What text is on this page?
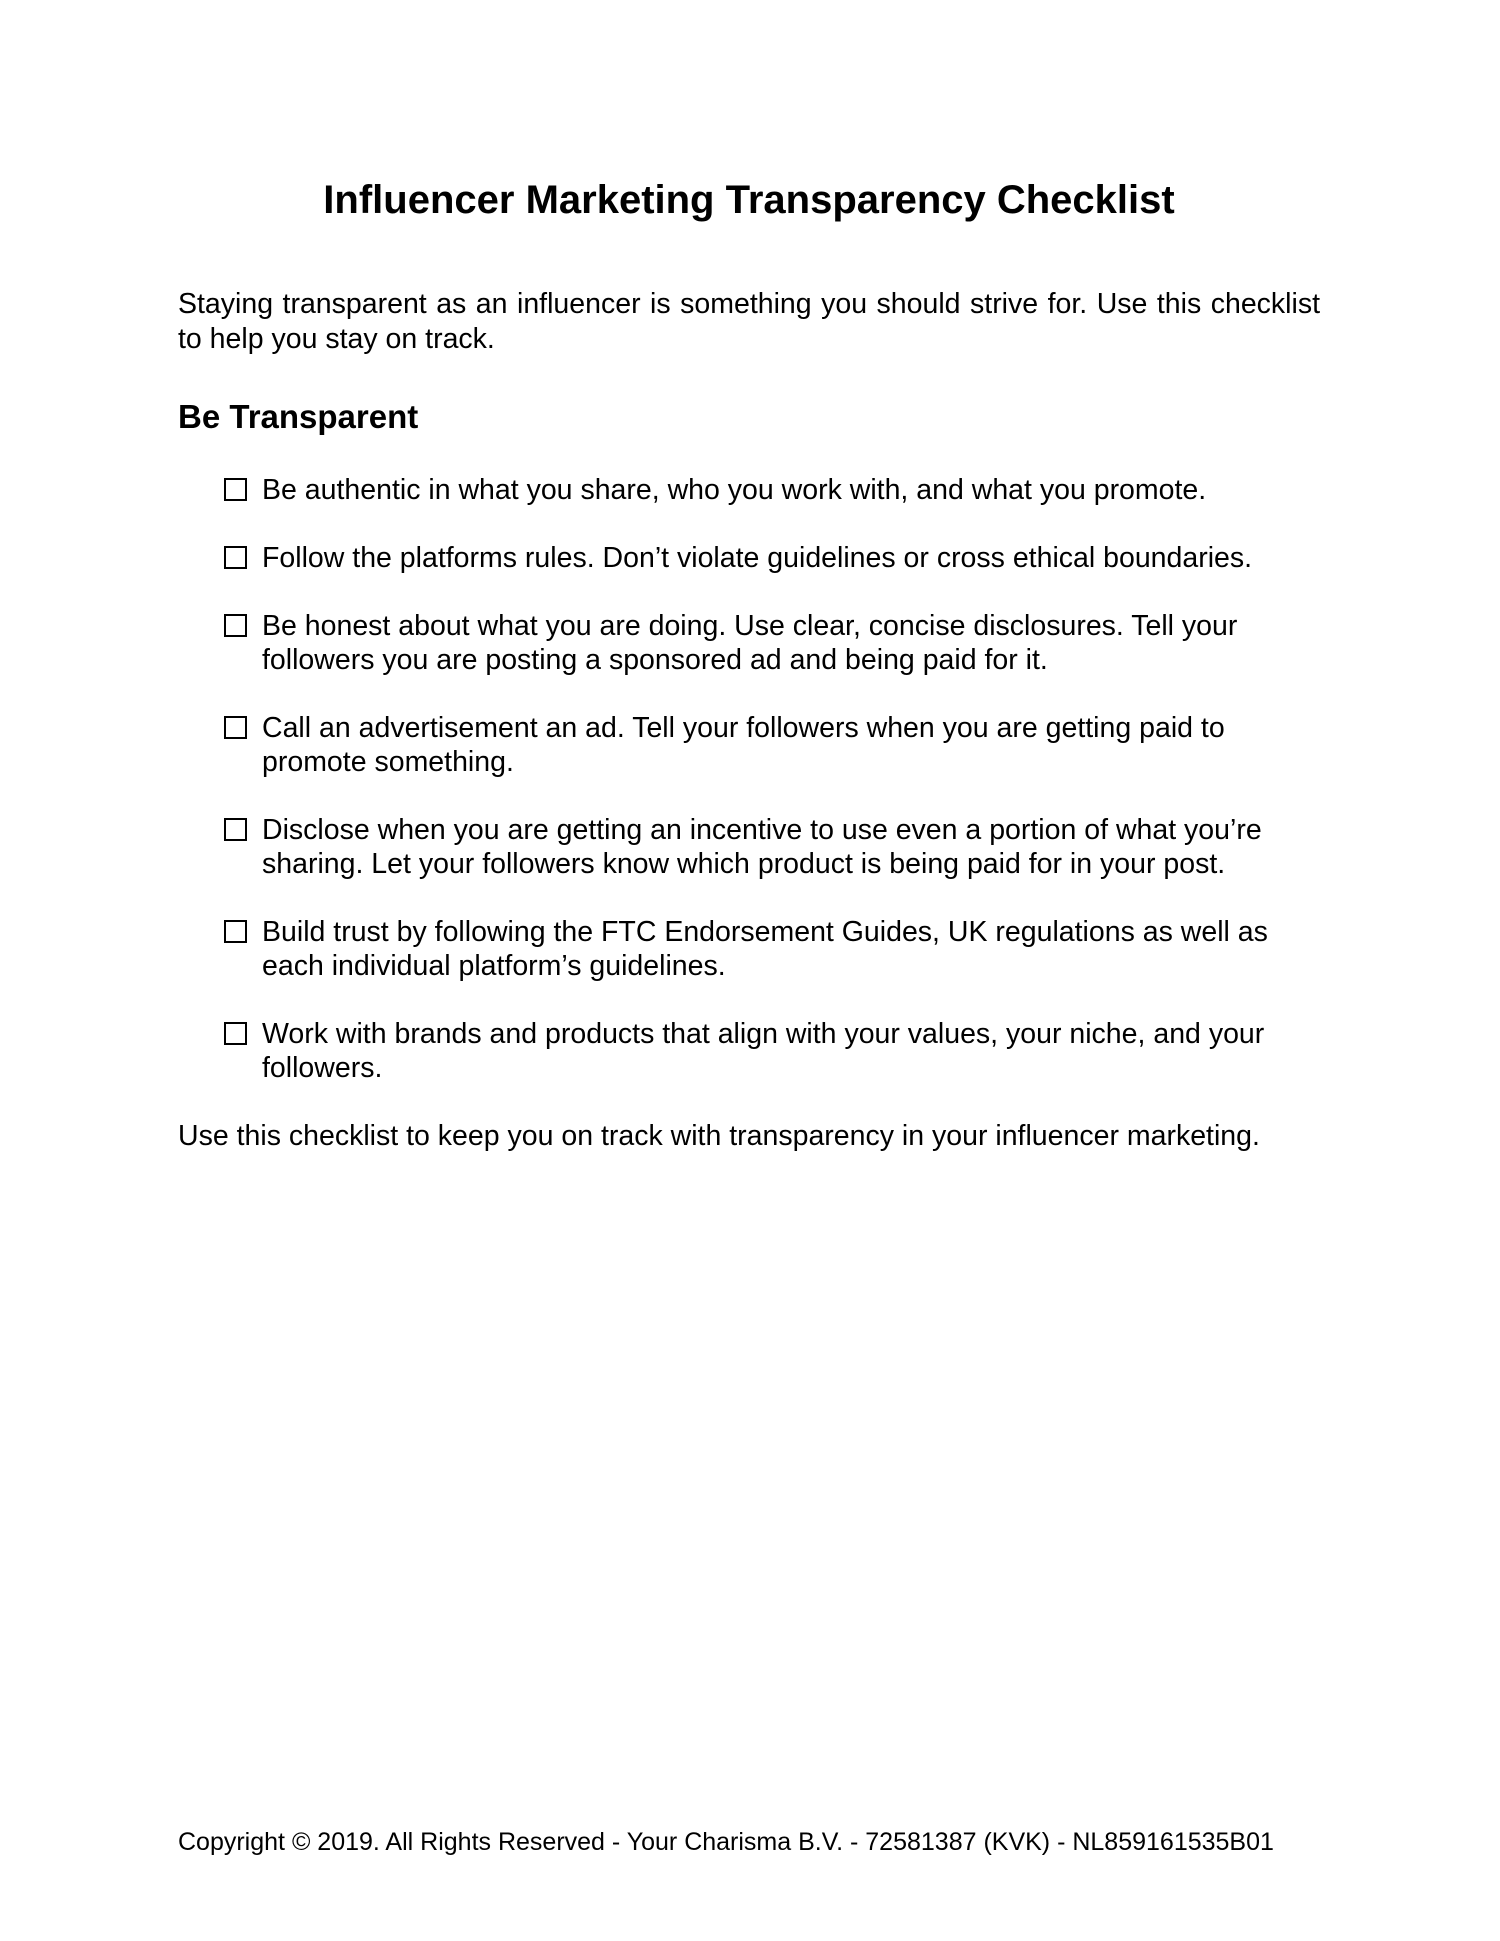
Influencer Marketing Transparency Checklist

Staying transparent as an influencer is something you should strive for. Use this checklist to help you stay on track.

Be Transparent
Be authentic in what you share, who you work with, and what you promote.
Follow the platforms rules. Don’t violate guidelines or cross ethical boundaries.
Be honest about what you are doing. Use clear, concise disclosures. Tell your followers you are posting a sponsored ad and being paid for it.
Call an advertisement an ad. Tell your followers when you are getting paid to promote something.
Disclose when you are getting an incentive to use even a portion of what you’re sharing. Let your followers know which product is being paid for in your post.
Build trust by following the FTC Endorsement Guides, UK regulations as well as each individual platform’s guidelines.
Work with brands and products that align with your values, your niche, and your followers.

Use this checklist to keep you on track with transparency in your influencer marketing.

Copyright © 2019. All Rights Reserved - Your Charisma B.V. - 72581387 (KVK) - NL859161535B01
